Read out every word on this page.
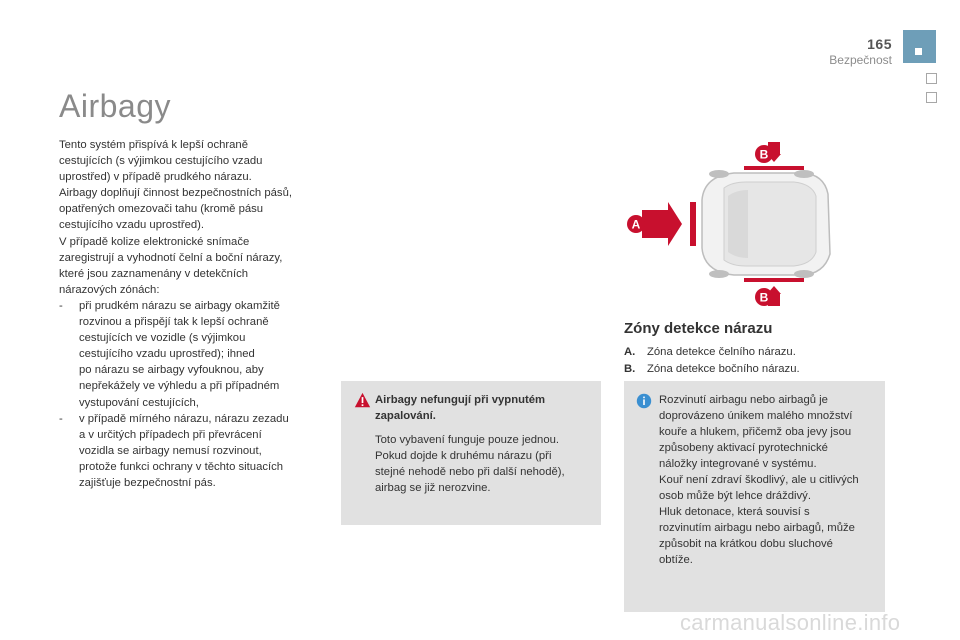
165
Bezpečnost
Airbagy

Tento systém přispívá k lepší ochraně

cestujících (s výjimkou cestujícího vzadu

uprostřed) v případě prudkého nárazu.

Airbagy doplňují činnost bezpečnostních pásů,

opatřených omezovači tahu (kromě pásu

cestujícího vzadu uprostřed).

V případě kolize elektronické snímače

zaregistrují a vyhodnotí čelní a boční nárazy,

které jsou zaznamenány v detekčních

nárazových zónách:

- při prudkém nárazu se airbagy okamžitě

rozvinou a přispějí tak k lepší ochraně

cestujících ve vozidle (s výjimkou

cestujícího vzadu uprostřed); ihned

po nárazu se airbagy vyfouknou, aby

nepřekážely ve výhledu a při případném

vystupování cestujících,

- v případě mírného nárazu, nárazu zezadu

a v určitých případech při převrácení

vozidla se airbagy nemusí rozvinout,

protože funkci ochrany v těchto situacích

zajišťuje bezpečnostní pás.

Airbagy nefungují při vypnutém
zapalování.
Toto vybavení funguje pouze jednou.
Pokud dojde k druhému nárazu (při
stejné nehodě nebo při další nehodě),
airbag se již nerozvine.
A
B
B
Zóny detekce nárazu
A. Zóna detekce čelního nárazu.
B. Zóna detekce bočního nárazu.
Rozvinutí airbagu nebo airbagů je
doprovázeno únikem malého množství
kouře a hlukem, přičemž oba jevy jsou
způsobeny aktivací pyrotechnické
náložky integrované v systému.
Kouř není zdraví škodlivý, ale u citlivých
osob může být lehce dráždivý.
Hluk detonace, která souvisí s
rozvinutím airbagu nebo airbagů, může
způsobit na krátkou dobu sluchové
obtíže.
carmanualsonline.info
